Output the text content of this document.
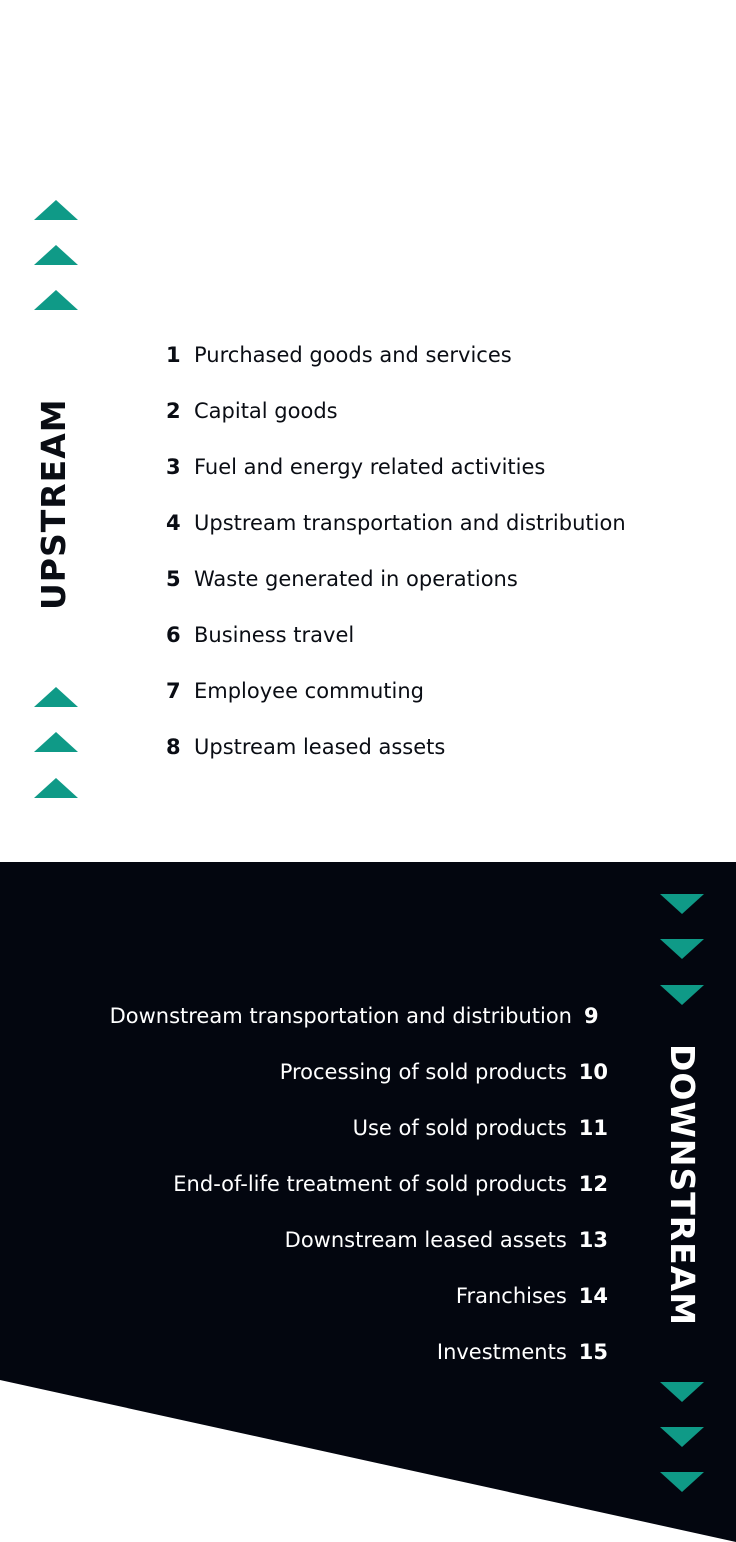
UPSTREAM
1 Purchased goods and services
2 Capital goods
3 Fuel and energy related activities
4 Upstream transportation and distribution
5 Waste generated in operations
6 Business travel
7 Employee commuting
8 Upstream leased assets
DOWNSTREAM
Downstream transportation and distribution 9
Processing of sold products 10
Use of sold products 11
End-of-life treatment of sold products 12
Downstream leased assets 13
Franchises 14
Investments 15
